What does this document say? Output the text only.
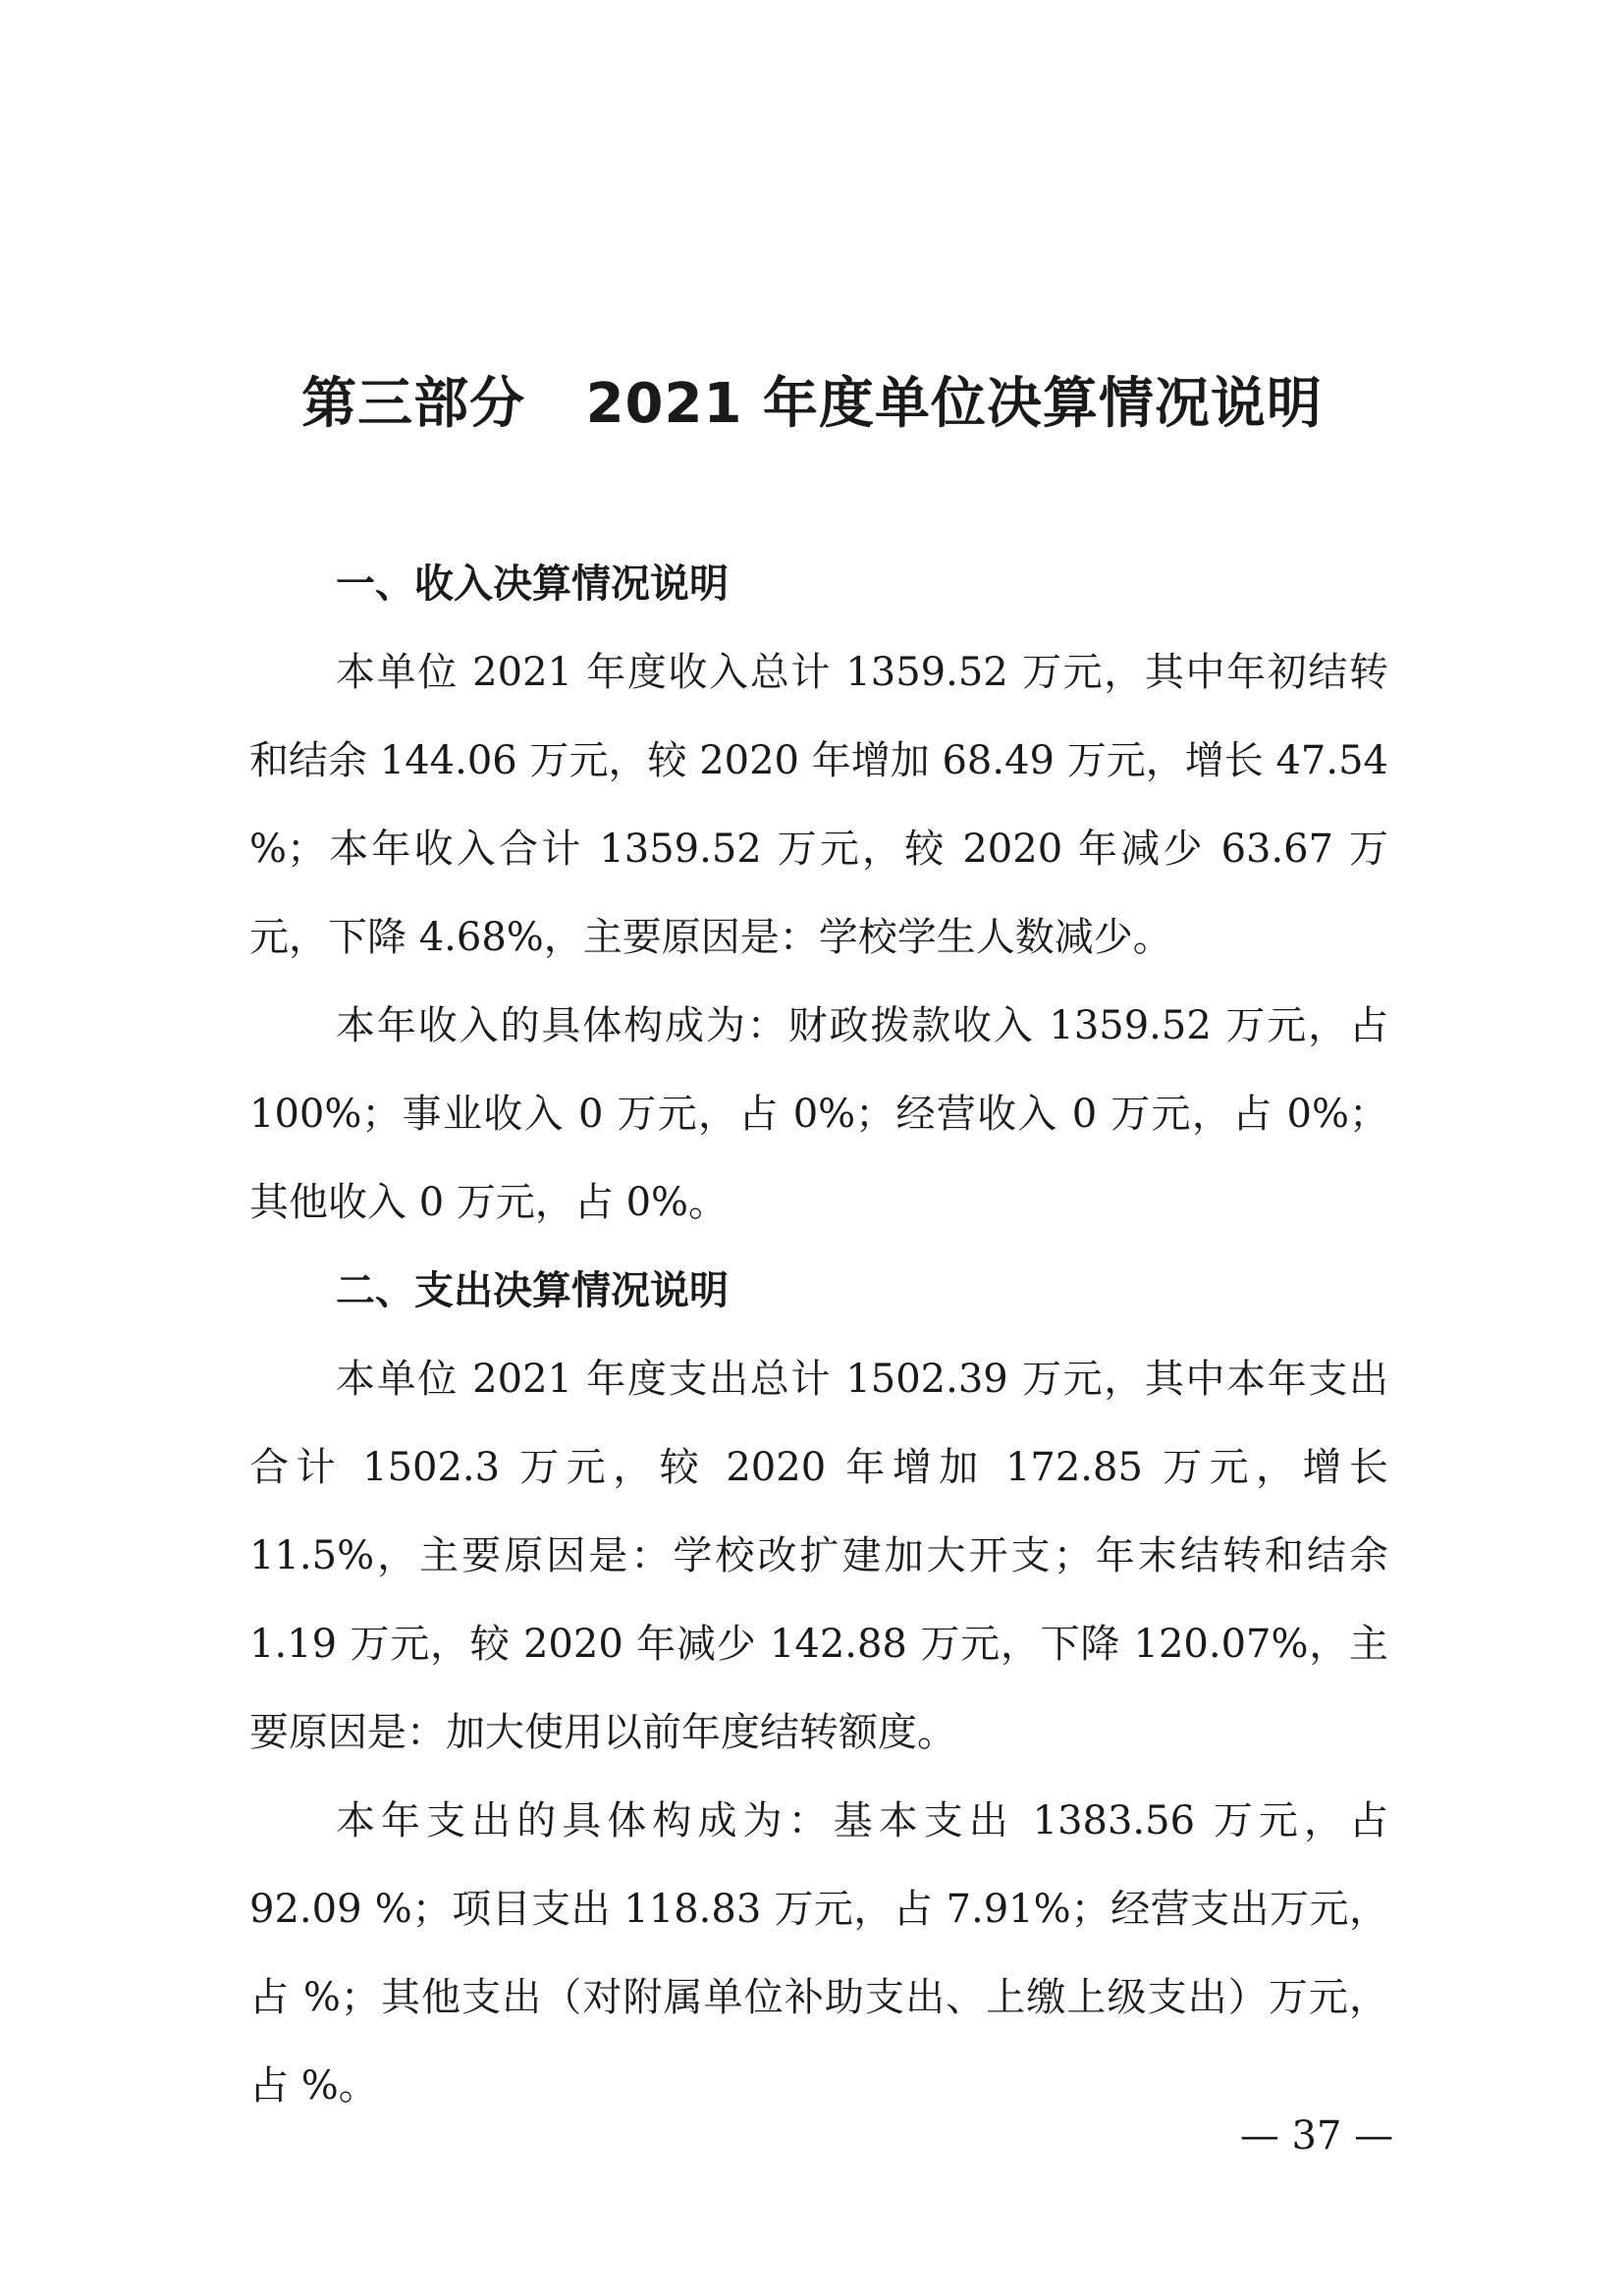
第三部分   2021 年度单位决算情况说明

一、收入决算情况说明

本单位 2021 年度收入总计 1359.52 万元，其中年初结转和结余 144.06 万元，较 2020 年增加 68.49 万元，增长 47.54 %；本年收入合计 1359.52 万元，较 2020 年减少 63.67 万元，下降 4.68%，主要原因是：学校学生人数减少。

本年收入的具体构成为：财政拨款收入 1359.52 万元，占 100%；事业收入 0 万元，占 0%；经营收入 0 万元，占 0%；其他收入 0 万元，占 0%。

二、支出决算情况说明

本单位 2021 年度支出总计 1502.39 万元，其中本年支出合计 1502.3 万元，较 2020 年增加 172.85 万元，增长 11.5%，主要原因是：学校改扩建加大开支；年末结转和结余 1.19 万元，较 2020 年减少 142.88 万元，下降 120.07%，主要原因是：加大使用以前年度结转额度。

本年支出的具体构成为：基本支出 1383.56 万元，占 92.09 %；项目支出 118.83 万元，占 7.91%；经营支出万元，占 %；其他支出（对附属单位补助支出、上缴上级支出）万元，占 %。

— 37 —
